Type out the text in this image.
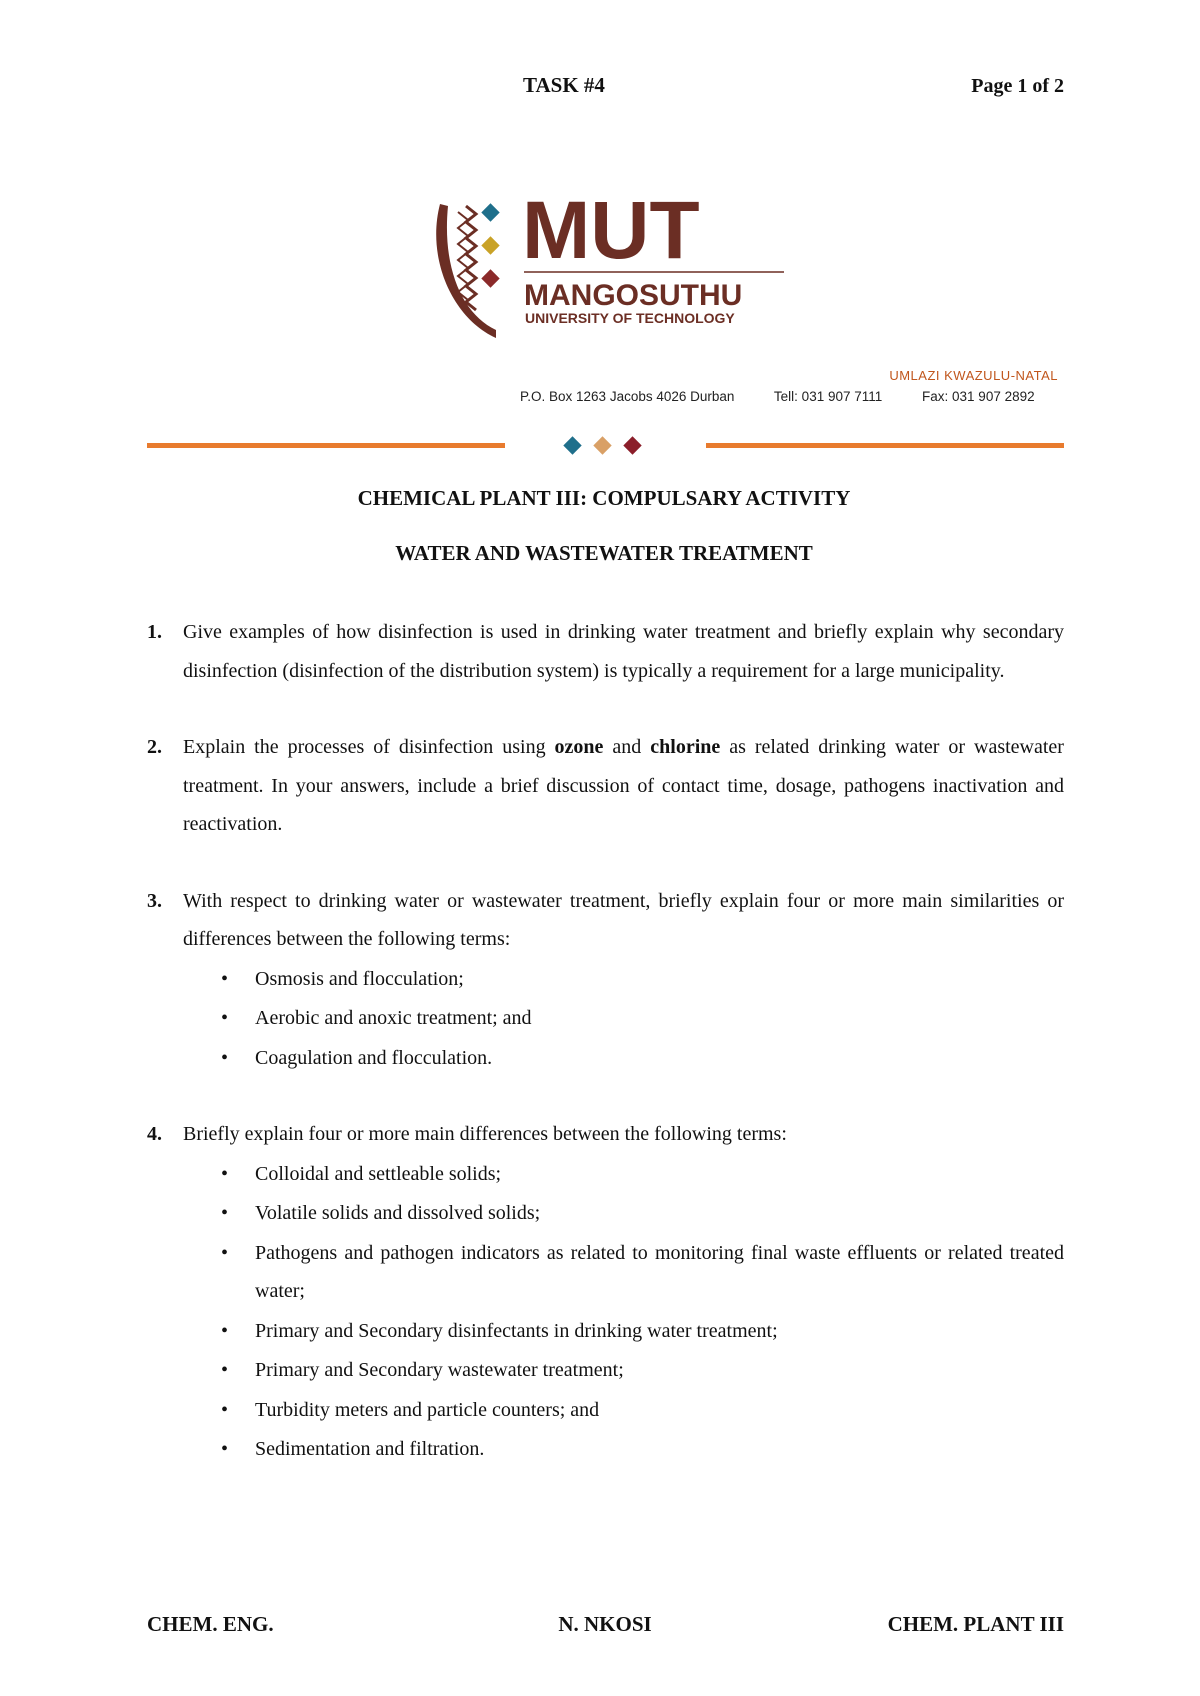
TASK #4	Page 1 of 2
MUT
MANGOSUTHU
UNIVERSITY OF TECHNOLOGY
UMLAZI KWAZULU-NATAL
P.O. Box 1263 Jacobs 4026 Durban	Tell: 031 907 7111	Fax: 031 907 2892
CHEMICAL PLANT III: COMPULSARY ACTIVITY
WATER AND WASTEWATER TREATMENT
1. Give examples of how disinfection is used in drinking water treatment and briefly explain why secondary disinfection (disinfection of the distribution system) is typically a requirement for a large municipality.
2. Explain the processes of disinfection using ozone and chlorine as related drinking water or wastewater treatment. In your answers, include a brief discussion of contact time, dosage, pathogens inactivation and reactivation.
3. With respect to drinking water or wastewater treatment, briefly explain four or more main similarities or differences between the following terms:
• Osmosis and flocculation;
• Aerobic and anoxic treatment; and
• Coagulation and flocculation.
4. Briefly explain four or more main differences between the following terms:
• Colloidal and settleable solids;
• Volatile solids and dissolved solids;
• Pathogens and pathogen indicators as related to monitoring final waste effluents or related treated water;
• Primary and Secondary disinfectants in drinking water treatment;
• Primary and Secondary wastewater treatment;
• Turbidity meters and particle counters; and
• Sedimentation and filtration.
CHEM. ENG.	N. NKOSI	CHEM. PLANT III
